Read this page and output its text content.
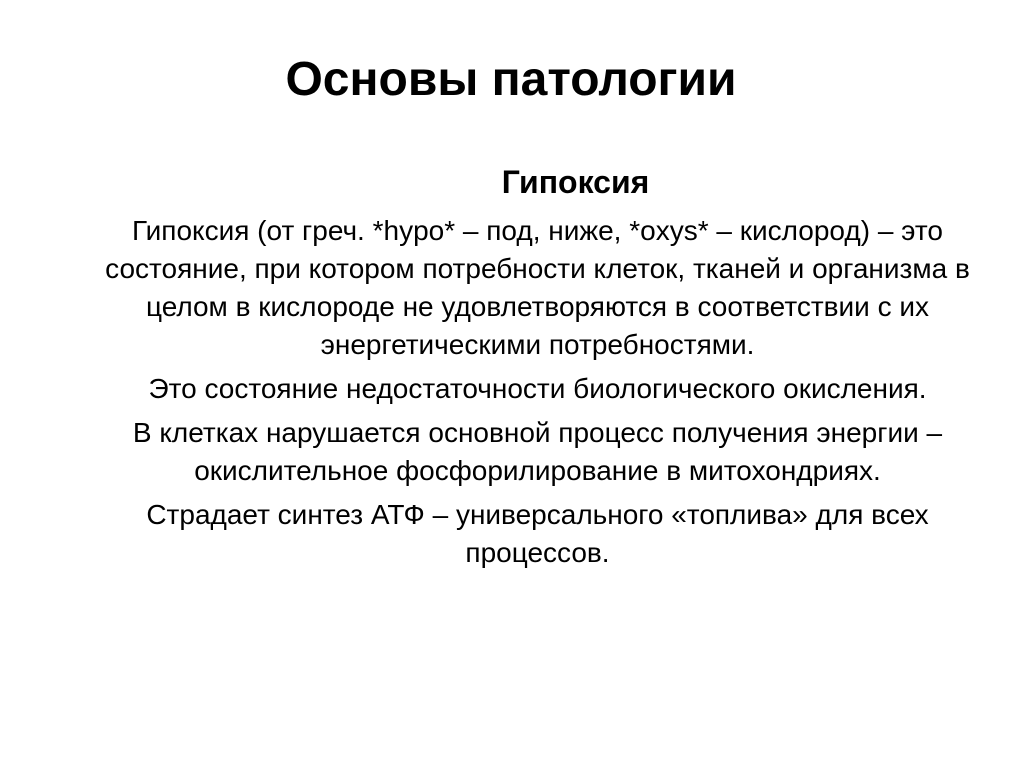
Основы патологии
Гипоксия

Гипоксия (от греч. *hypo* – под, ниже, *oxys* – кислород) – это состояние, при котором потребности клеток, тканей и организма в целом в кислороде не удовлетворяются в соответствии с их энергетическими потребностями.

Это состояние недостаточности биологического окисления.

В клетках нарушается основной процесс получения энергии – окислительное фосфорилирование в митохондриях.

Страдает синтез АТФ – универсального «топлива» для всех процессов.
